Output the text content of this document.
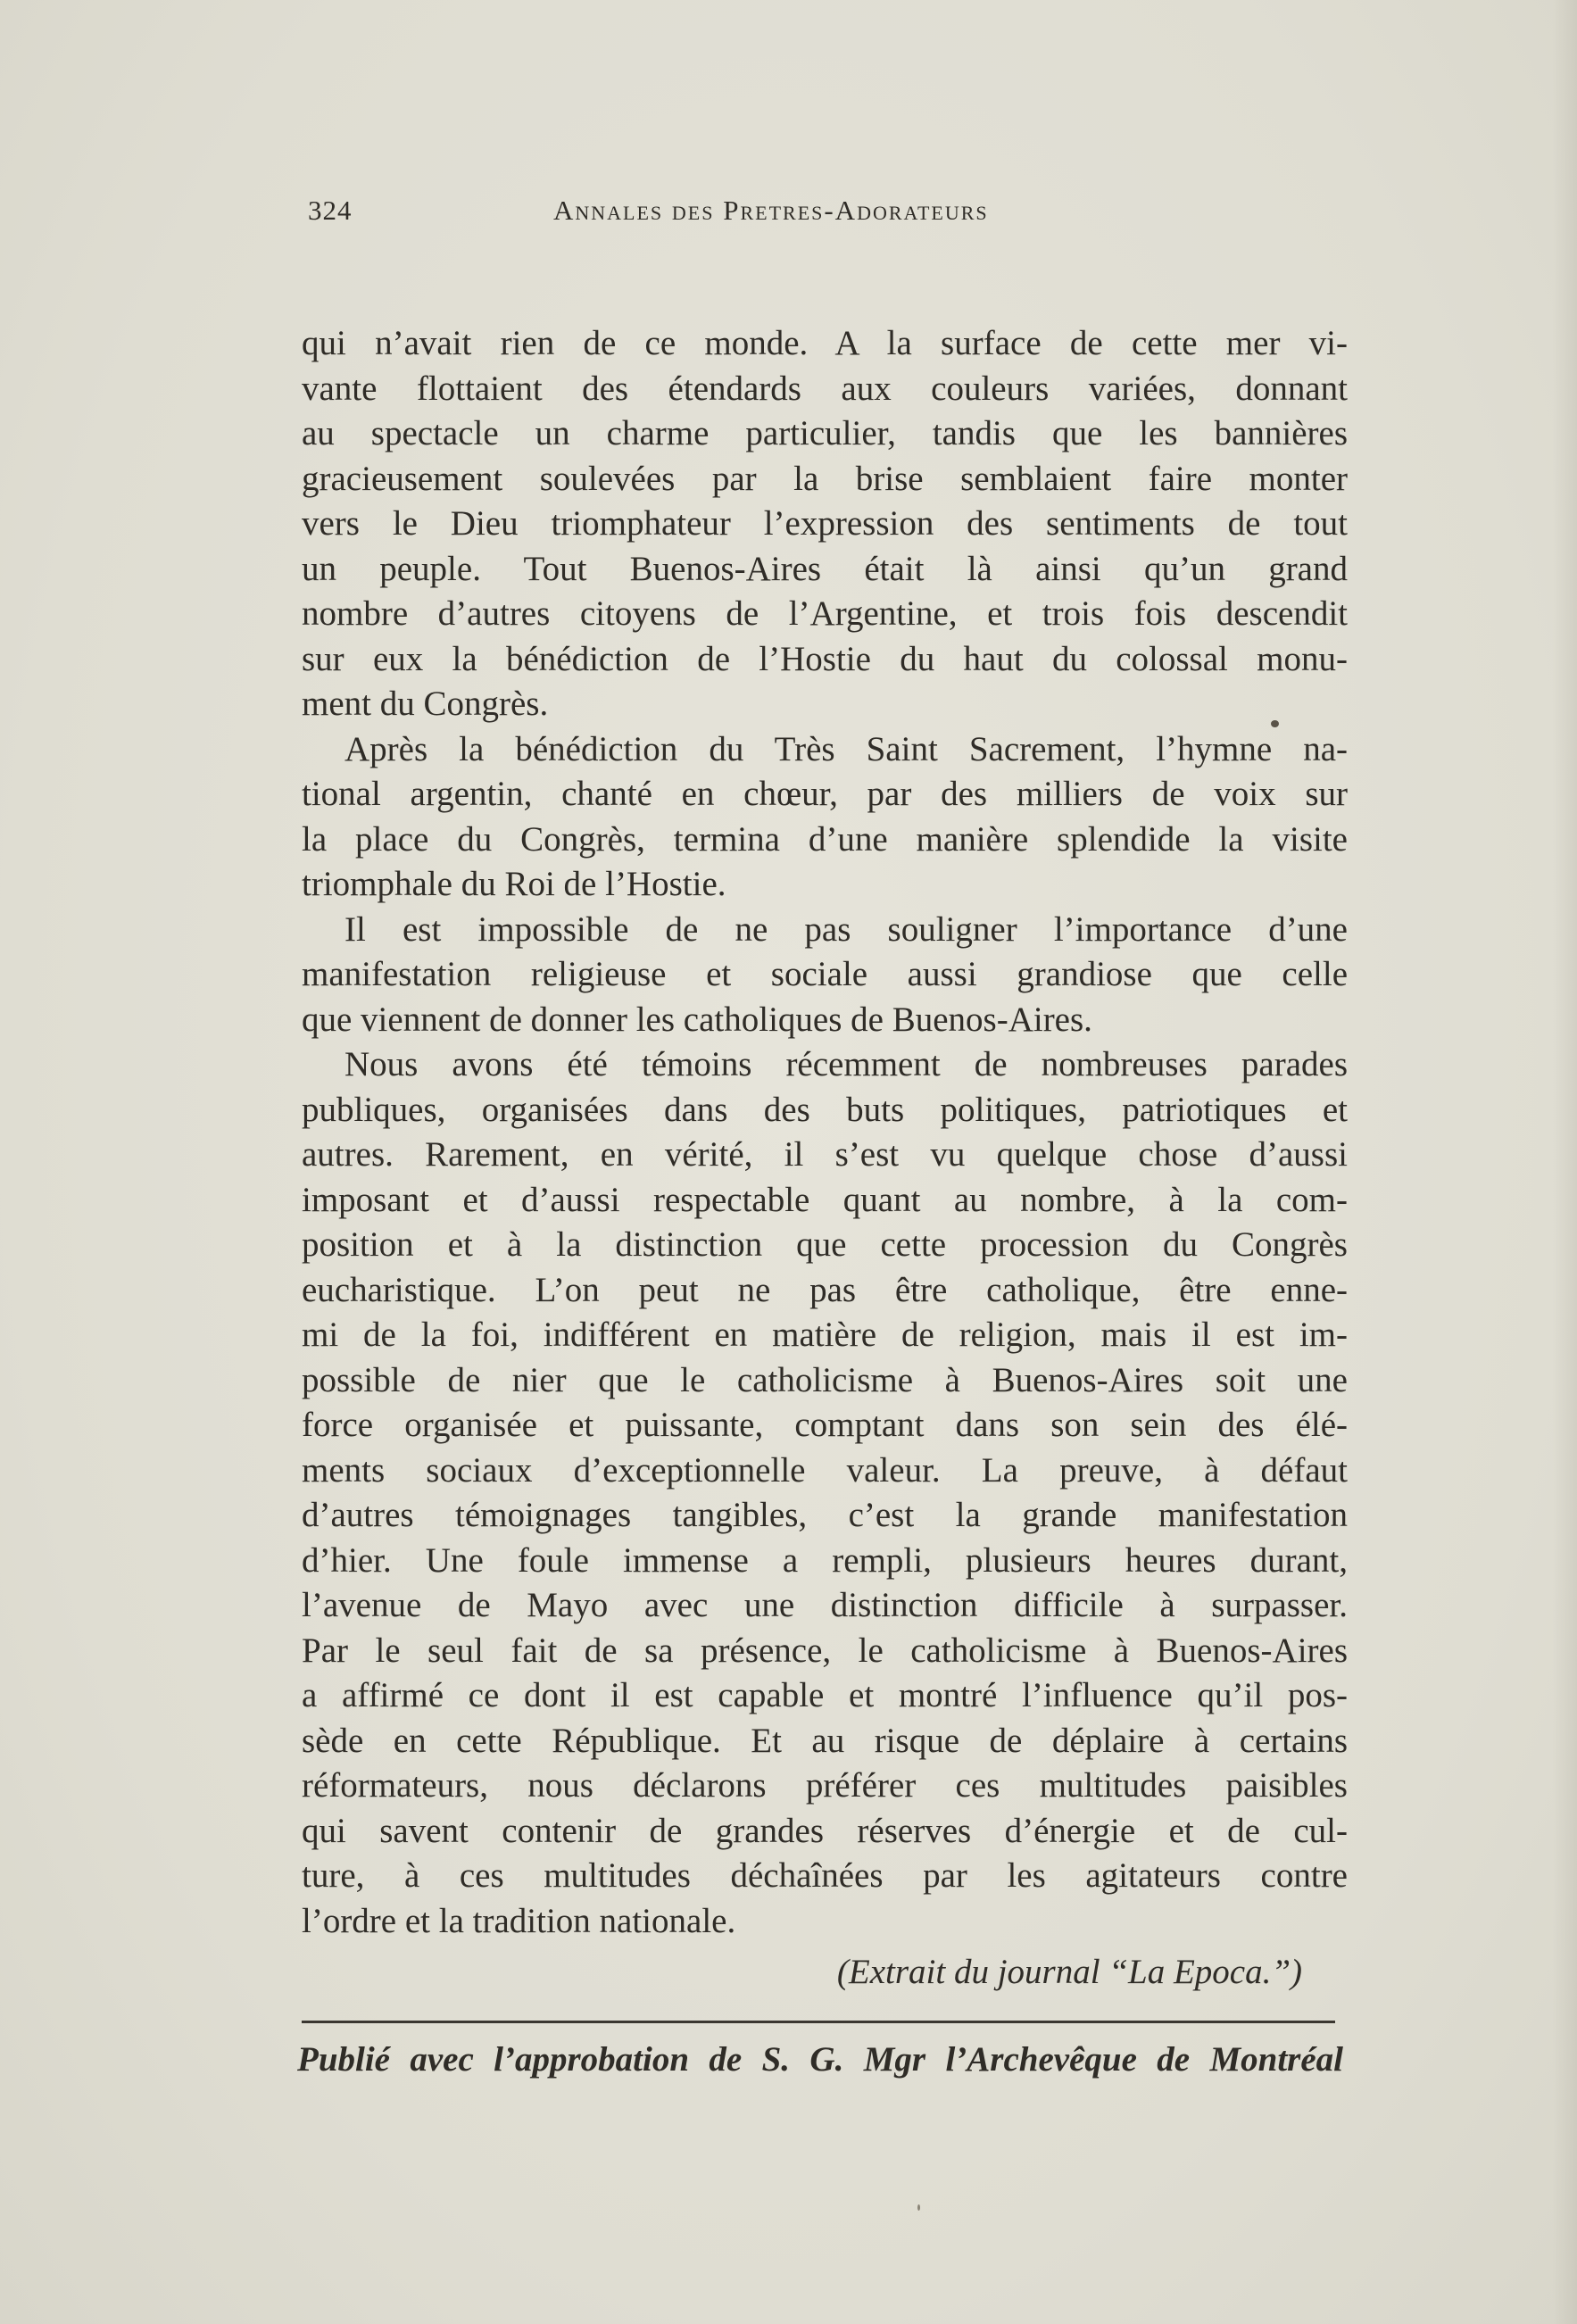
324	Annales des Pretres-Adorateurs
qui n’avait rien de ce monde. A la surface de cette mer vi-
vante flottaient des étendards aux couleurs variées, donnant
au spectacle un charme particulier, tandis que les bannières
gracieusement soulevées par la brise semblaient faire monter
vers le Dieu triomphateur l’expression des sentiments de tout
un peuple. Tout Buenos-Aires était là ainsi qu’un grand
nombre d’autres citoyens de l’Argentine, et trois fois descendit
sur eux la bénédiction de l’Hostie du haut du colossal monu-
ment du Congrès.
Après la bénédiction du Très Saint Sacrement, l’hymne na-
tional argentin, chanté en chœur, par des milliers de voix sur
la place du Congrès, termina d’une manière splendide la visite
triomphale du Roi de l’Hostie.
Il est impossible de ne pas souligner l’importance d’une
manifestation religieuse et sociale aussi grandiose que celle
que viennent de donner les catholiques de Buenos-Aires.
Nous avons été témoins récemment de nombreuses parades
publiques, organisées dans des buts politiques, patriotiques et
autres. Rarement, en vérité, il s’est vu quelque chose d’aussi
imposant et d’aussi respectable quant au nombre, à la com-
position et à la distinction que cette procession du Congrès
eucharistique. L’on peut ne pas être catholique, être enne-
mi de la foi, indifférent en matière de religion, mais il est im-
possible de nier que le catholicisme à Buenos-Aires soit une
force organisée et puissante, comptant dans son sein des élé-
ments sociaux d’exceptionnelle valeur. La preuve, à défaut
d’autres témoignages tangibles, c’est la grande manifestation
d’hier. Une foule immense a rempli, plusieurs heures durant,
l’avenue de Mayo avec une distinction difficile à surpasser.
Par le seul fait de sa présence, le catholicisme à Buenos-Aires
a affirmé ce dont il est capable et montré l’influence qu’il pos-
sède en cette République. Et au risque de déplaire à certains
réformateurs, nous déclarons préférer ces multitudes paisibles
qui savent contenir de grandes réserves d’énergie et de cul-
ture, à ces multitudes déchaînées par les agitateurs contre
l’ordre et la tradition nationale.
(Extrait du journal “La Epoca.”)
Publié avec l’approbation de S. G. Mgr l’Archevêque de Montréal
